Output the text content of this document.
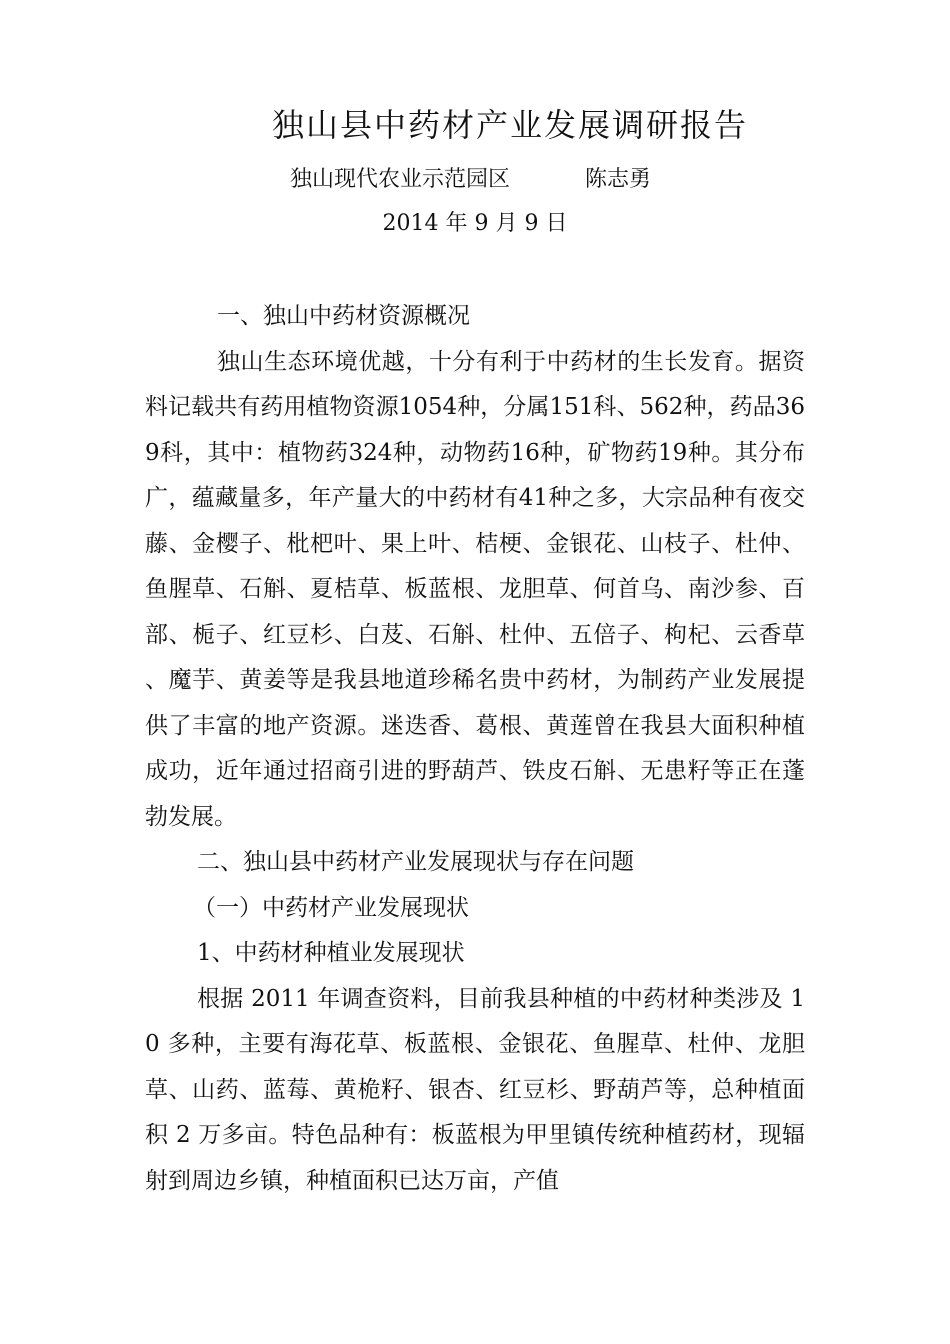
独山县中药材产业发展调研报告
独山现代农业示范园区	陈志勇
2014 年 9 月 9 日

一、独山中药材资源概况

独山生态环境优越，十分有利于中药材的生长发育。据资料记载共有药用植物资源1054种，分属151科、562种，药品369科，其中：植物药324种，动物药16种，矿物药19种。其分布广，蕴藏量多，年产量大的中药材有41种之多，大宗品种有夜交藤、金樱子、枇杷叶、果上叶、桔梗、金银花、山枝子、杜仲、鱼腥草、石斛、夏桔草、板蓝根、龙胆草、何首乌、南沙参、百部、栀子、红豆杉、白芨、石斛、杜仲、五倍子、枸杞、云香草、魔芋、黄姜等是我县地道珍稀名贵中药材，为制药产业发展提供了丰富的地产资源。迷迭香、葛根、黄莲曾在我县大面积种植成功，近年通过招商引进的野葫芦、铁皮石斛、无患籽等正在蓬勃发展。

二、独山县中药材产业发展现状与存在问题

（一）中药材产业发展现状

1、中药材种植业发展现状

根据 2011 年调查资料，目前我县种植的中药材种类涉及 10 多种，主要有海花草、板蓝根、金银花、鱼腥草、杜仲、龙胆草、山药、蓝莓、黄桅籽、银杏、红豆杉、野葫芦等，总种植面积 2 万多亩。特色品种有：板蓝根为甲里镇传统种植药材，现辐射到周边乡镇，种植面积已达万亩，产值
